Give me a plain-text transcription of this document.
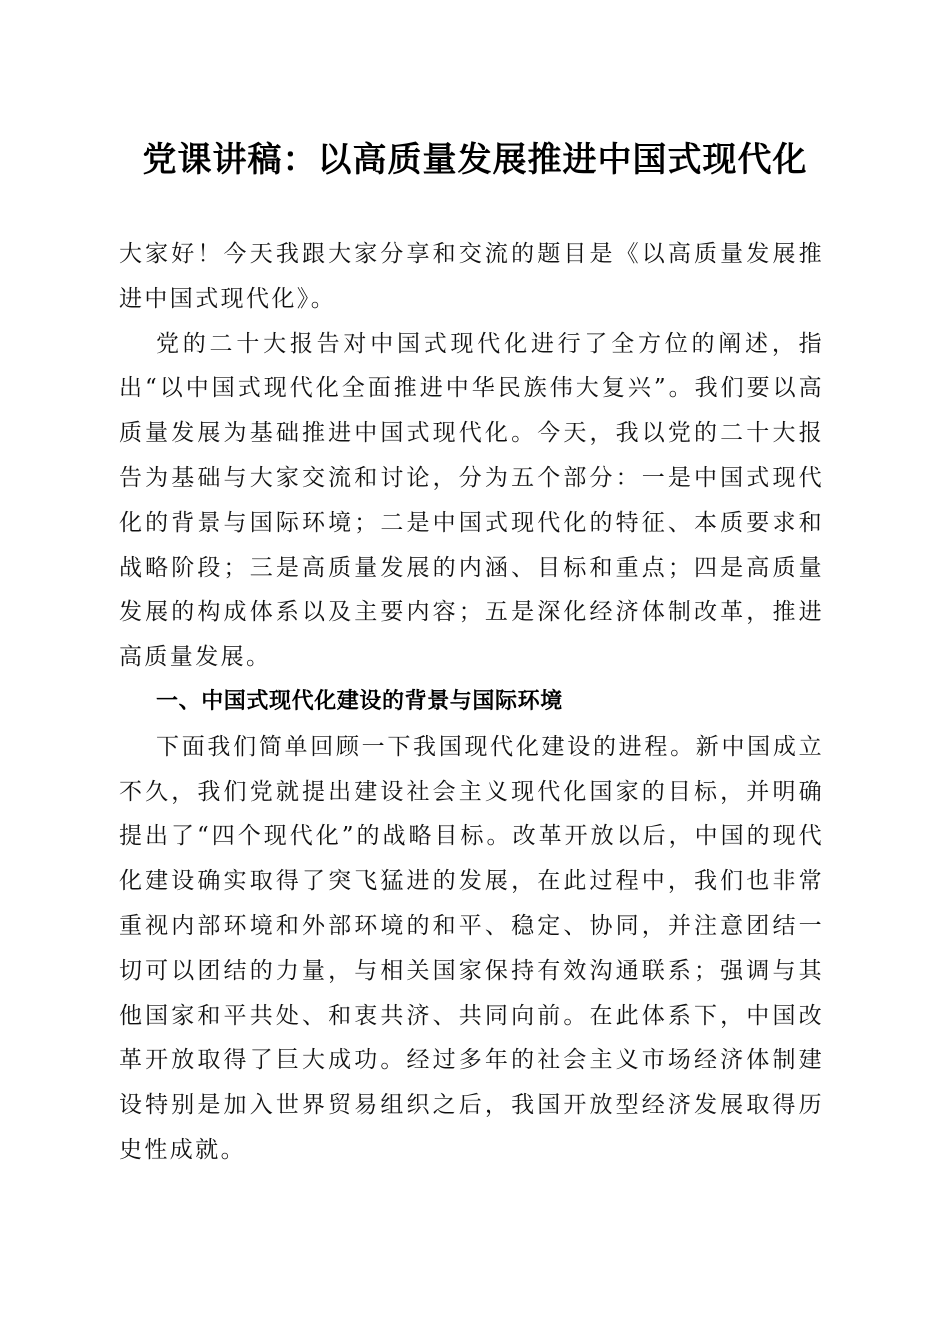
党课讲稿：以高质量发展推进中国式现代化

大家好！今天我跟大家分享和交流的题目是《以高质量发展推进中国式现代化》。

党的二十大报告对中国式现代化进行了全方位的阐述，指出“以中国式现代化全面推进中华民族伟大复兴”。我们要以高质量发展为基础推进中国式现代化。今天，我以党的二十大报告为基础与大家交流和讨论，分为五个部分：一是中国式现代化的背景与国际环境；二是中国式现代化的特征、本质要求和战略阶段；三是高质量发展的内涵、目标和重点；四是高质量发展的构成体系以及主要内容；五是深化经济体制改革，推进高质量发展。

一、中国式现代化建设的背景与国际环境

下面我们简单回顾一下我国现代化建设的进程。新中国成立不久，我们党就提出建设社会主义现代化国家的目标，并明确提出了“四个现代化”的战略目标。改革开放以后，中国的现代化建设确实取得了突飞猛进的发展，在此过程中，我们也非常重视内部环境和外部环境的和平、稳定、协同，并注意团结一切可以团结的力量，与相关国家保持有效沟通联系；强调与其他国家和平共处、和衷共济、共同向前。在此体系下，中国改革开放取得了巨大成功。经过多年的社会主义市场经济体制建设特别是加入世界贸易组织之后，我国开放型经济发展取得历史性成就。
